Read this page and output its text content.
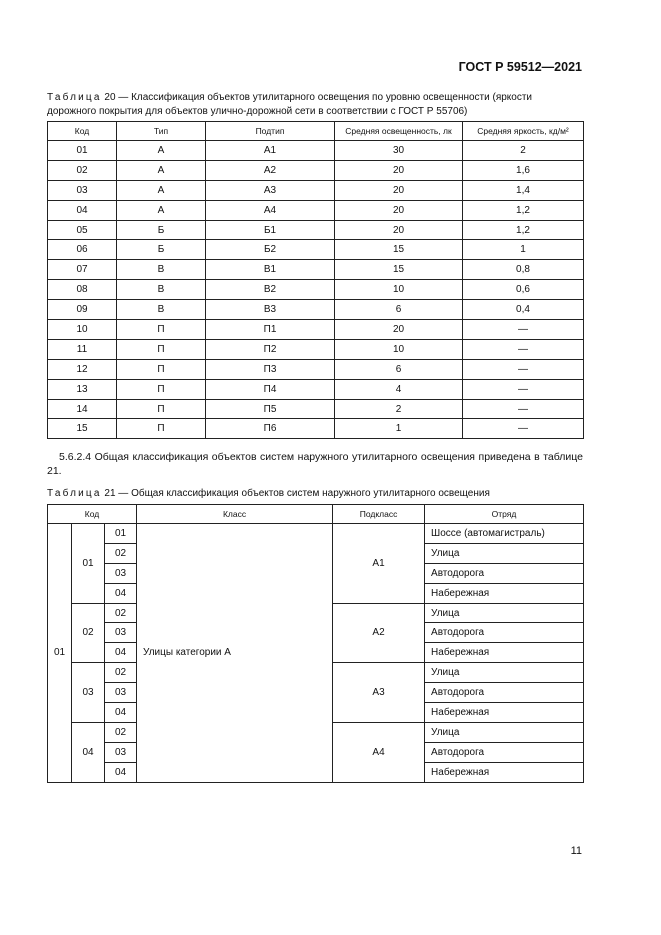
ГОСТ Р 59512—2021
Таблица 20 — Классификация объектов утилитарного освещения по уровню освещенности (яркости дорожного покрытия для объектов улично-дорожной сети в соответствии с ГОСТ Р 55706)
Код	Тип	Подтип	Средняя освещенность, лк	Средняя яркость, кд/м²
01	А	А1	30	2
02	А	А2	20	1,6
03	А	А3	20	1,4
04	А	А4	20	1,2
05	Б	Б1	20	1,2
06	Б	Б2	15	1
07	В	В1	15	0,8
08	В	В2	10	0,6
09	В	В3	6	0,4
10	П	П1	20	—
11	П	П2	10	—
12	П	П3	6	—
13	П	П4	4	—
14	П	П5	2	—
15	П	П6	1	—
5.6.2.4 Общая классификация объектов систем наружного утилитарного освещения приведена в таблице 21.
Таблица 21 — Общая классификация объектов систем наружного утилитарного освещения
Код			Класс	Подкласс	Отряд
01	01	01	Улицы категории А	А1	Шоссе (автомагистраль)
		02			Улица
		03			Автодорога
		04			Набережная
	02	02		А2	Улица
		03			Автодорога
		04			Набережная
	03	02		А3	Улица
		03			Автодорога
		04			Набережная
	04	02		А4	Улица
		03			Автодорога
		04			Набережная
11
